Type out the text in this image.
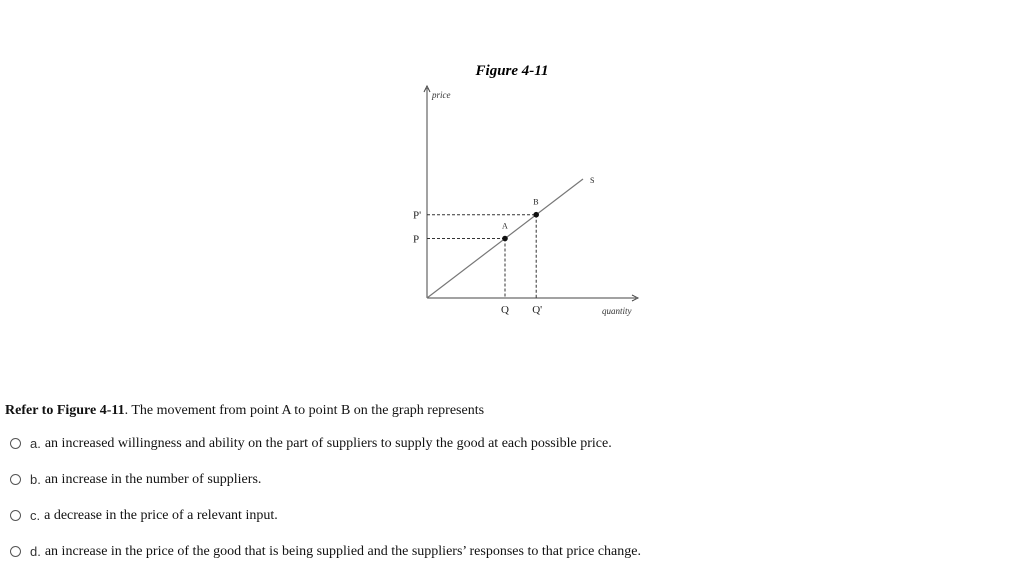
Figure 4-11
price
quantity
S
A
P
Q
B
P'
Q'
Refer to Figure 4-11. The movement from point A to point B on the graph represents
a. an increased willingness and ability on the part of suppliers to supply the good at each possible price.
b. an increase in the number of suppliers.
c. a decrease in the price of a relevant input.
d. an increase in the price of the good that is being supplied and the suppliers’ responses to that price change.
